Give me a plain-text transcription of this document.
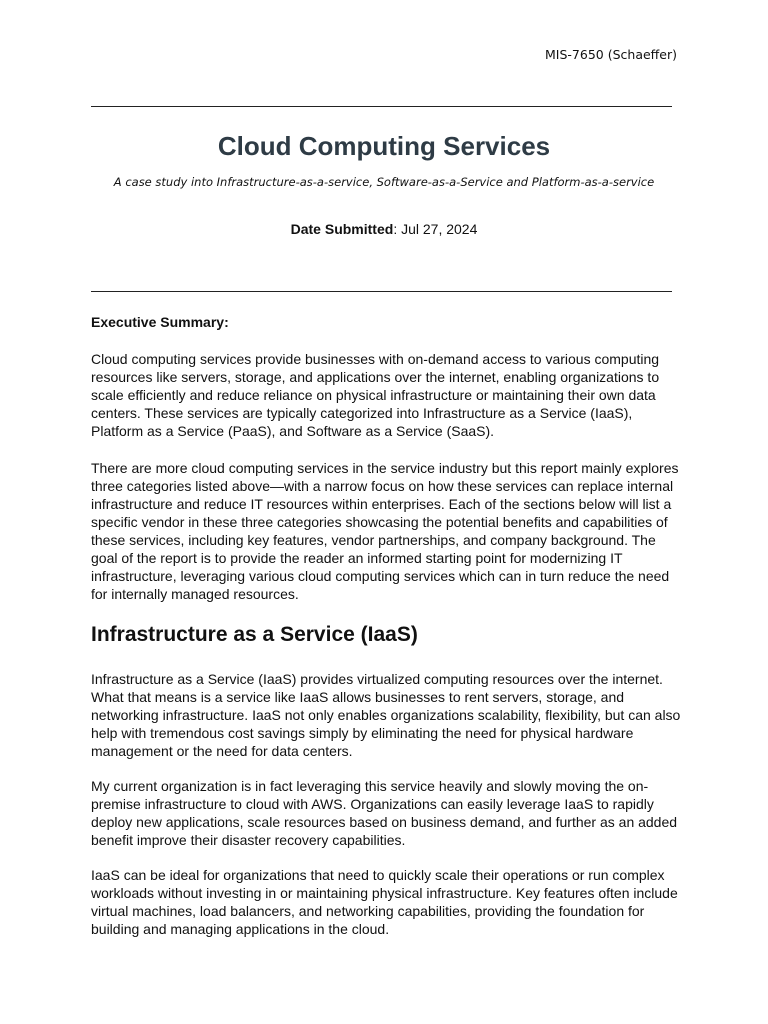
MIS-7650 (Schaeffer)
Cloud Computing Services

A case study into Infrastructure-as-a-service, Software-as-a-Service and Platform-as-a-service

Date Submitted: Jul 27, 2024

Executive Summary:

Cloud computing services provide businesses with on-demand access to various computing resources like servers, storage, and applications over the internet, enabling organizations to scale efficiently and reduce reliance on physical infrastructure or maintaining their own data centers. These services are typically categorized into Infrastructure as a Service (IaaS), Platform as a Service (PaaS), and Software as a Service (SaaS).

There are more cloud computing services in the service industry but this report mainly explores three categories listed above—with a narrow focus on how these services can replace internal infrastructure and reduce IT resources within enterprises. Each of the sections below will list a specific vendor in these three categories showcasing the potential benefits and capabilities of these services, including key features, vendor partnerships, and company background. The goal of the report is to provide the reader an informed starting point for modernizing IT infrastructure, leveraging various cloud computing services which can in turn reduce the need for internally managed resources.

Infrastructure as a Service (IaaS)

Infrastructure as a Service (IaaS) provides virtualized computing resources over the internet. What that means is a service like IaaS allows businesses to rent servers, storage, and networking infrastructure. IaaS not only enables organizations scalability, flexibility, but can also help with tremendous cost savings simply by eliminating the need for physical hardware management or the need for data centers.

My current organization is in fact leveraging this service heavily and slowly moving the on-premise infrastructure to cloud with AWS. Organizations can easily leverage IaaS to rapidly deploy new applications, scale resources based on business demand, and further as an added benefit improve their disaster recovery capabilities.

IaaS can be ideal for organizations that need to quickly scale their operations or run complex workloads without investing in or maintaining physical infrastructure. Key features often include virtual machines, load balancers, and networking capabilities, providing the foundation for building and managing applications in the cloud.
